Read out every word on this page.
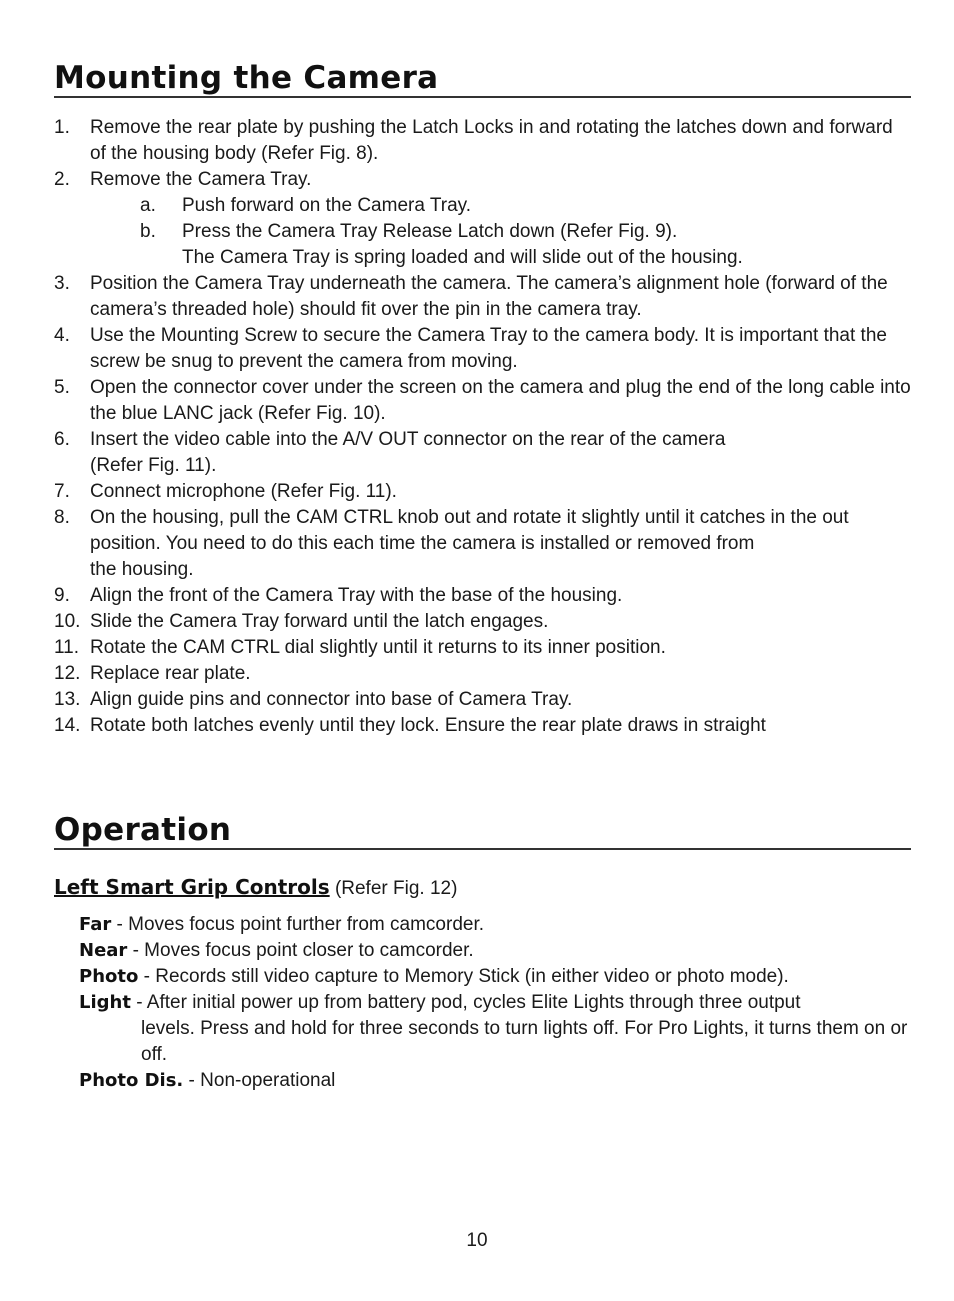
Mounting the Camera
1.	Remove the rear plate by pushing the Latch Locks in and rotating the latches down and forward of the housing body (Refer Fig. 8).
2.	Remove the Camera Tray.
a. Push forward on the Camera Tray.
b. Press the Camera Tray Release Latch down (Refer Fig. 9).
The Camera Tray is spring loaded and will slide out of the housing.
3.	Position the Camera Tray underneath the camera. The camera’s alignment hole (forward of the camera’s threaded hole) should fit over the pin in the camera tray.
4.	Use the Mounting Screw to secure the Camera Tray to the camera body. It is important that the screw be snug to prevent the camera from moving.
5.	Open the connector cover under the screen on the camera and plug the end of the long cable into the blue LANC jack (Refer Fig. 10).
6.	Insert the video cable into the A/V OUT connector on the rear of the camera
(Refer Fig. 11).
7.	Connect microphone (Refer Fig. 11).
8.	On the housing, pull the CAM CTRL knob out and rotate it slightly until it catches in the out position. You need to do this each time the camera is installed or removed from
the housing.
9.	Align the front of the Camera Tray with the base of the housing.
10. Slide the Camera Tray forward until the latch engages.
11. Rotate the CAM CTRL dial slightly until it returns to its inner position.
12. Replace rear plate.
13. Align guide pins and connector into base of Camera Tray.
14. Rotate both latches evenly until they lock. Ensure the rear plate draws in straight
Operation
Left Smart Grip Controls (Refer Fig. 12)
Far - Moves focus point further from camcorder.
Near - Moves focus point closer to camcorder.
Photo - Records still video capture to Memory Stick (in either video or photo mode).
Light - After initial power up from battery pod, cycles Elite Lights through three output
levels. Press and hold for three seconds to turn lights off. For Pro Lights, it turns them on or off.
Photo Dis. - Non-operational
10
